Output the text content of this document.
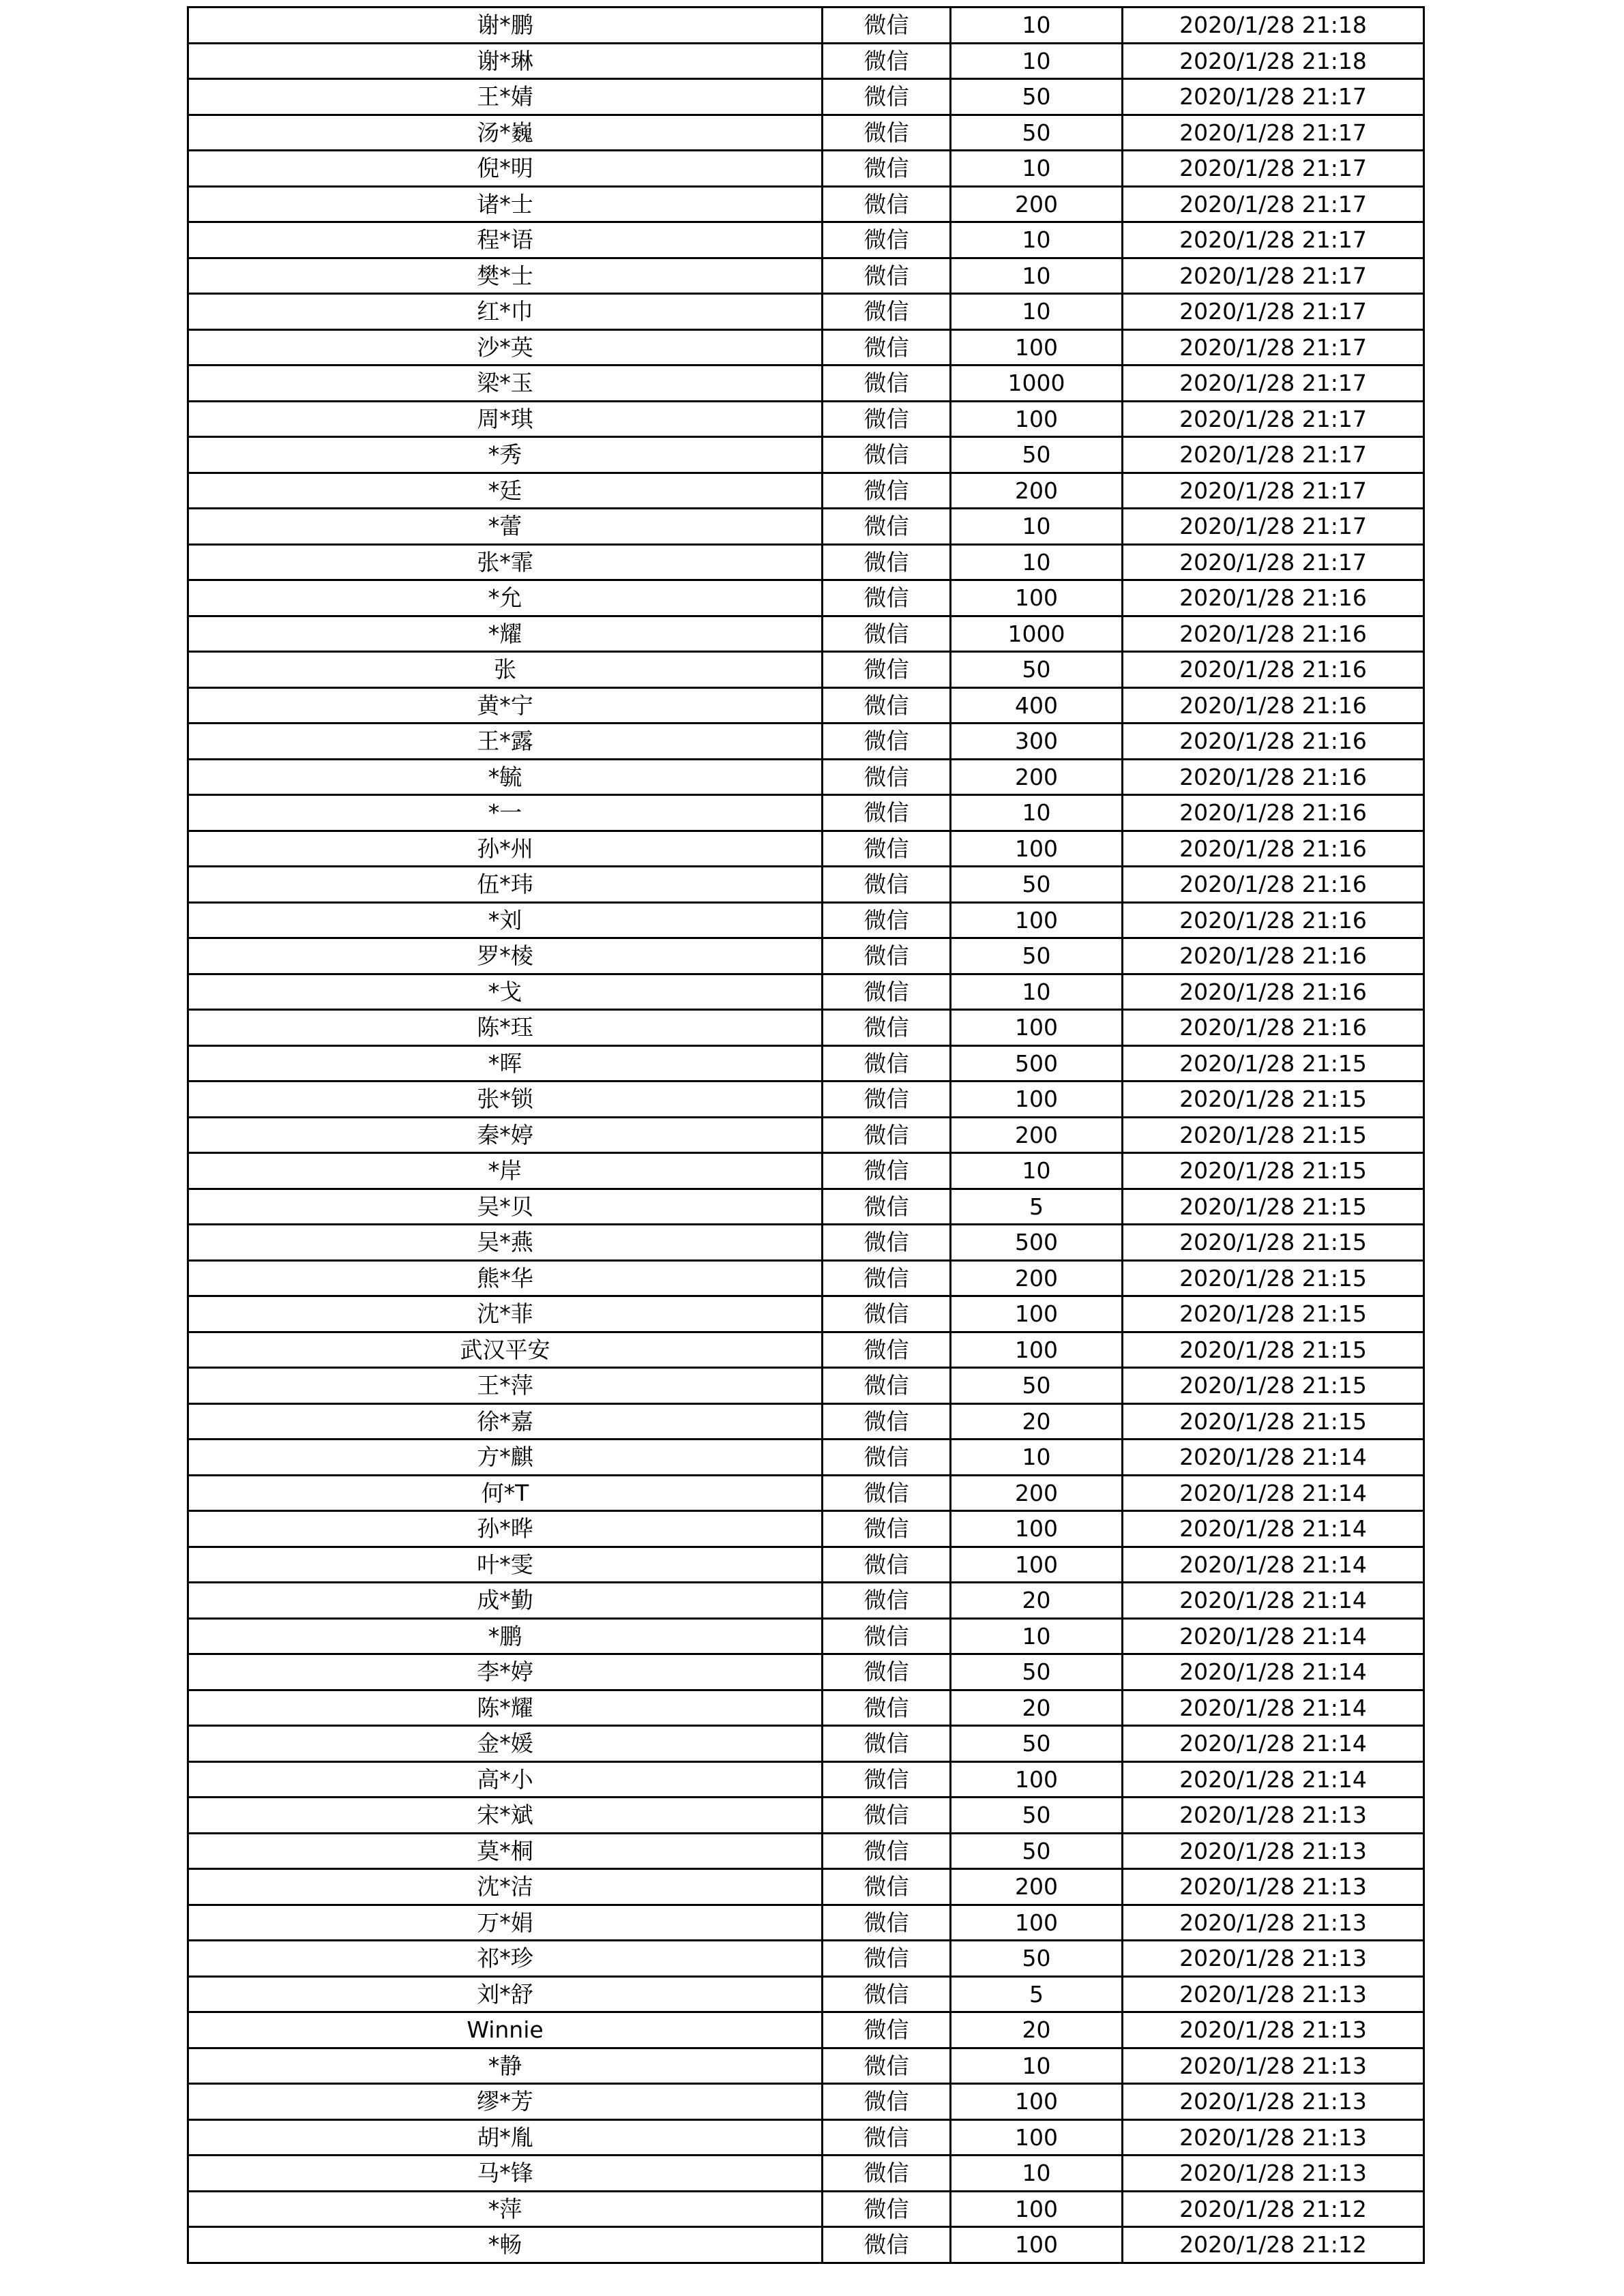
谢*鹏	微信	10	2020/1/28 21:18
谢*琳	微信	10	2020/1/28 21:18
王*婧	微信	50	2020/1/28 21:17
汤*巍	微信	50	2020/1/28 21:17
倪*明	微信	10	2020/1/28 21:17
诸*士	微信	200	2020/1/28 21:17
程*语	微信	10	2020/1/28 21:17
樊*士	微信	10	2020/1/28 21:17
红*巾	微信	10	2020/1/28 21:17
沙*英	微信	100	2020/1/28 21:17
梁*玉	微信	1000	2020/1/28 21:17
周*琪	微信	100	2020/1/28 21:17
*秀	微信	50	2020/1/28 21:17
*廷	微信	200	2020/1/28 21:17
*蕾	微信	10	2020/1/28 21:17
张*霏	微信	10	2020/1/28 21:17
*允	微信	100	2020/1/28 21:16
*耀	微信	1000	2020/1/28 21:16
张	微信	50	2020/1/28 21:16
黄*宁	微信	400	2020/1/28 21:16
王*露	微信	300	2020/1/28 21:16
*毓	微信	200	2020/1/28 21:16
*一	微信	10	2020/1/28 21:16
孙*州	微信	100	2020/1/28 21:16
伍*玮	微信	50	2020/1/28 21:16
*刘	微信	100	2020/1/28 21:16
罗*棱	微信	50	2020/1/28 21:16
*戈	微信	10	2020/1/28 21:16
陈*珏	微信	100	2020/1/28 21:16
*晖	微信	500	2020/1/28 21:15
张*锁	微信	100	2020/1/28 21:15
秦*婷	微信	200	2020/1/28 21:15
*岸	微信	10	2020/1/28 21:15
吴*贝	微信	5	2020/1/28 21:15
吴*燕	微信	500	2020/1/28 21:15
熊*华	微信	200	2020/1/28 21:15
沈*菲	微信	100	2020/1/28 21:15
武汉平安	微信	100	2020/1/28 21:15
王*萍	微信	50	2020/1/28 21:15
徐*嘉	微信	20	2020/1/28 21:15
方*麒	微信	10	2020/1/28 21:14
何*T	微信	200	2020/1/28 21:14
孙*晔	微信	100	2020/1/28 21:14
叶*雯	微信	100	2020/1/28 21:14
成*勤	微信	20	2020/1/28 21:14
*鹏	微信	10	2020/1/28 21:14
李*婷	微信	50	2020/1/28 21:14
陈*耀	微信	20	2020/1/28 21:14
金*媛	微信	50	2020/1/28 21:14
高*小	微信	100	2020/1/28 21:14
宋*斌	微信	50	2020/1/28 21:13
莫*桐	微信	50	2020/1/28 21:13
沈*洁	微信	200	2020/1/28 21:13
万*娟	微信	100	2020/1/28 21:13
祁*珍	微信	50	2020/1/28 21:13
刘*舒	微信	5	2020/1/28 21:13
Winnie	微信	20	2020/1/28 21:13
*静	微信	10	2020/1/28 21:13
缪*芳	微信	100	2020/1/28 21:13
胡*胤	微信	100	2020/1/28 21:13
马*锋	微信	10	2020/1/28 21:13
*萍	微信	100	2020/1/28 21:12
*畅	微信	100	2020/1/28 21:12
